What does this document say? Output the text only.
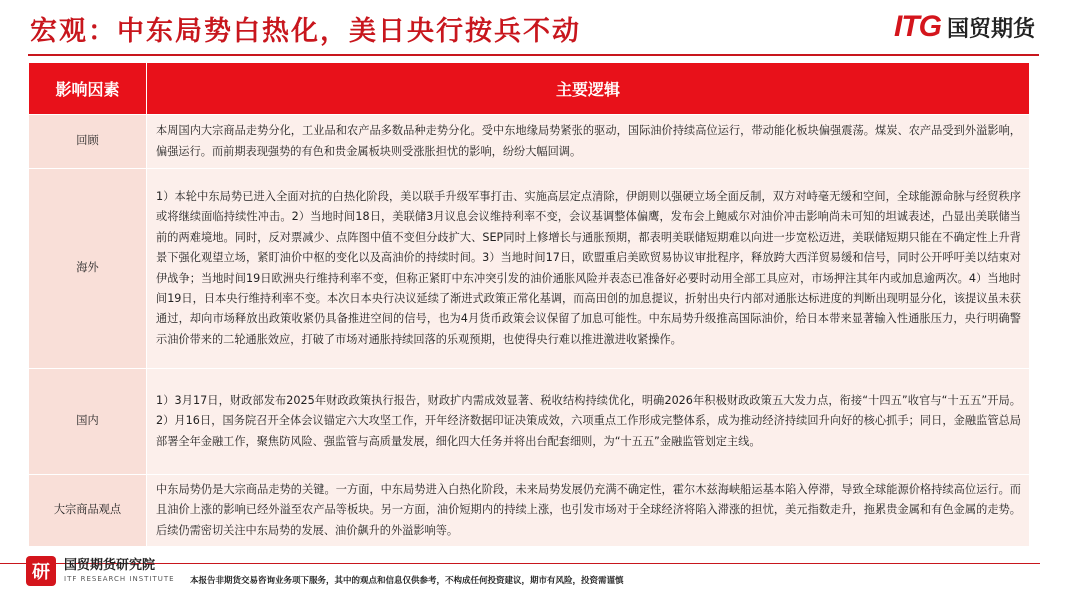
宏观：中东局势白热化，美日央行按兵不动	ITG 国贸期货
影响因素	主要逻辑
回顾	本周国内大宗商品走势分化，工业品和农产品多数品种走势分化。受中东地缘局势紧张的驱动，国际油价持续高位运行，带动能化板块偏强震荡。煤炭、农产品受到外溢影响，偏强运行。而前期表现强势的有色和贵金属板块则受涨胀担忧的影响，纷纷大幅回调。
海外	1）本轮中东局势已进入全面对抗的白热化阶段，美以联手升级军事打击、实施高层定点清除，伊朗则以强硬立场全面反制，双方对峙毫无缓和空间，全球能源命脉与经贸秩序或将继续面临持续性冲击。2）当地时间18日，美联储3月议息会议维持利率不变，会议基调整体偏鹰，发布会上鲍威尔对油价冲击影响尚未可知的坦诚表述，凸显出美联储当前的两难境地。同时，反对票减少、点阵图中值不变但分歧扩大、SEP同时上修增长与通胀预期，都表明美联储短期难以向进一步宽松迈进，美联储短期只能在不确定性上升背景下强化观望立场，紧盯油价中枢的变化以及高油价的持续时间。3）当地时间17日，欧盟重启美欧贸易协议审批程序，释放跨大西洋贸易缓和信号，同时公开呼吁美以结束对伊战争；当地时间19日欧洲央行维持利率不变，但称正紧盯中东冲突引发的油价通胀风险并表态已准备好必要时动用全部工具应对，市场押注其年内或加息逾两次。4）当地时间19日，日本央行维持利率不变。本次日本央行决议延续了渐进式政策正常化基调，而高田创的加息提议，折射出央行内部对通胀达标进度的判断出现明显分化，该提议虽未获通过，却向市场释放出政策收紧仍具备推进空间的信号，也为4月货币政策会议保留了加息可能性。中东局势升级推高国际油价，给日本带来显著输入性通胀压力，央行明确警示油价带来的二轮通胀效应，打破了市场对通胀持续回落的乐观预期，也使得央行难以推进激进收紧操作。
国内	1）3月17日，财政部发布2025年财政政策执行报告，财政扩内需成效显著、税收结构持续优化，明确2026年积极财政政策五大发力点，衔接“十四五”收官与“十五五”开局。2）月16日，国务院召开全体会议锚定六大攻坚工作，开年经济数据印证决策成效，六项重点工作形成完整体系，成为推动经济持续回升向好的核心抓手；同日，金融监管总局部署全年金融工作，聚焦防风险、强监管与高质量发展，细化四大任务并将出台配套细则，为“十五五”金融监管划定主线。
大宗商品观点	中东局势仍是大宗商品走势的关键。一方面，中东局势进入白热化阶段，未来局势发展仍充满不确定性，霍尔木兹海峡船运基本陷入停滞，导致全球能源价格持续高位运行。而且油价上涨的影响已经外溢至农产品等板块。另一方面，油价短期内的持续上涨，也引发市场对于全球经济将陷入滞涨的担忧，美元指数走升，拖累贵金属和有色金属的走势。后续仍需密切关注中东局势的发展、油价飙升的外溢影响等。
研	国贸期货研究院
ITF RESEARCH INSTITUTE 本报告非期货交易咨询业务项下服务，其中的观点和信息仅供参考，不构成任何投资建议，期市有风险，投资需谨慎
